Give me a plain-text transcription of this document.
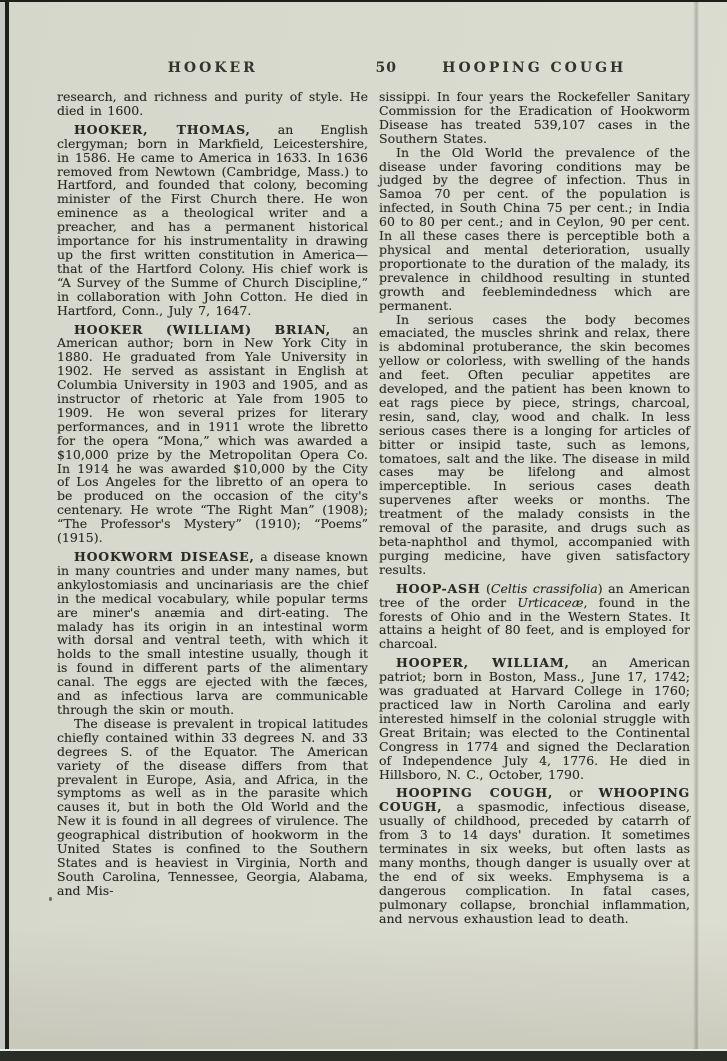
HOOKER	HOOPING COUGH
50

research, and richness and purity of style. He died in 1600.

HOOKER, THOMAS, an English clergyman; born in Markfield, Leicestershire, in 1586. He came to America in 1633. In 1636 removed from Newtown (Cambridge, Mass.) to Hartford, and founded that colony, becoming minister of the First Church there. He won eminence as a theological writer and a preacher, and has a permanent historical importance for his instrumentality in drawing up the first written constitution in America—that of the Hartford Colony. His chief work is “A Survey of the Summe of Church Discipline,” in collaboration with John Cotton. He died in Hartford, Conn., July 7, 1647.

HOOKER (WILLIAM) BRIAN, an American author; born in New York City in 1880. He graduated from Yale University in 1902. He served as assistant in English at Columbia University in 1903 and 1905, and as instructor of rhetoric at Yale from 1905 to 1909. He won several prizes for literary performances, and in 1911 wrote the libretto for the opera “Mona,” which was awarded a $10,000 prize by the Metropolitan Opera Co. In 1914 he was awarded $10,000 by the City of Los Angeles for the libretto of an opera to be produced on the occasion of the city's centenary. He wrote “The Right Man” (1908); “The Professor's Mystery” (1910); “Poems” (1915).

HOOKWORM DISEASE, a disease known in many countries and under many names, but ankylostomiasis and uncinariasis are the chief in the medical vocabulary, while popular terms are miner's anæmia and dirt-eating. The malady has its origin in an intestinal worm with dorsal and ventral teeth, with which it holds to the small intestine usually, though it is found in different parts of the alimentary canal. The eggs are ejected with the fæces, and as infectious larva are communicable through the skin or mouth.

The disease is prevalent in tropical latitudes chiefly contained within 33 degrees N. and 33 degrees S. of the Equator. The American variety of the disease differs from that prevalent in Europe, Asia, and Africa, in the symptoms as well as in the parasite which causes it, but in both the Old World and the New it is found in all degrees of virulence. The geographical distribution of hookworm in the United States is confined to the Southern States and is heaviest in Virginia, North and South Carolina, Tennessee, Georgia, Alabama, and Mis-

sissippi. In four years the Rockefeller Sanitary Commission for the Eradication of Hookworm Disease has treated 539,107 cases in the Southern States.

In the Old World the prevalence of the disease under favoring conditions may be judged by the degree of infection. Thus in Samoa 70 per cent. of the population is infected, in South China 75 per cent.; in India 60 to 80 per cent.; and in Ceylon, 90 per cent. In all these cases there is perceptible both a physical and mental deterioration, usually proportionate to the duration of the malady, its prevalence in childhood resulting in stunted growth and feeblemindedness which are permanent.

In serious cases the body becomes emaciated, the muscles shrink and relax, there is abdominal protuberance, the skin becomes yellow or colorless, with swelling of the hands and feet. Often peculiar appetites are developed, and the patient has been known to eat rags piece by piece, strings, charcoal, resin, sand, clay, wood and chalk. In less serious cases there is a longing for articles of bitter or insipid taste, such as lemons, tomatoes, salt and the like. The disease in mild cases may be lifelong and almost imperceptible. In serious cases death supervenes after weeks or months. The treatment of the malady consists in the removal of the parasite, and drugs such as beta-naphthol and thymol, accompanied with purging medicine, have given satisfactory results.

HOOP-ASH (Celtis crassifolia) an American tree of the order Urticaceæ, found in the forests of Ohio and in the Western States. It attains a height of 80 feet, and is employed for charcoal.

HOOPER, WILLIAM, an American patriot; born in Boston, Mass., June 17, 1742; was graduated at Harvard College in 1760; practiced law in North Carolina and early interested himself in the colonial struggle with Great Britain; was elected to the Continental Congress in 1774 and signed the Declaration of Independence July 4, 1776. He died in Hillsboro, N. C., October, 1790.

HOOPING COUGH, or WHOOPING COUGH, a spasmodic, infectious disease, usually of childhood, preceded by catarrh of from 3 to 14 days' duration. It sometimes terminates in six weeks, but often lasts as many months, though danger is usually over at the end of six weeks. Emphysema is a dangerous complication. In fatal cases, pulmonary collapse, bronchial inflammation, and nervous exhaustion lead to death.
